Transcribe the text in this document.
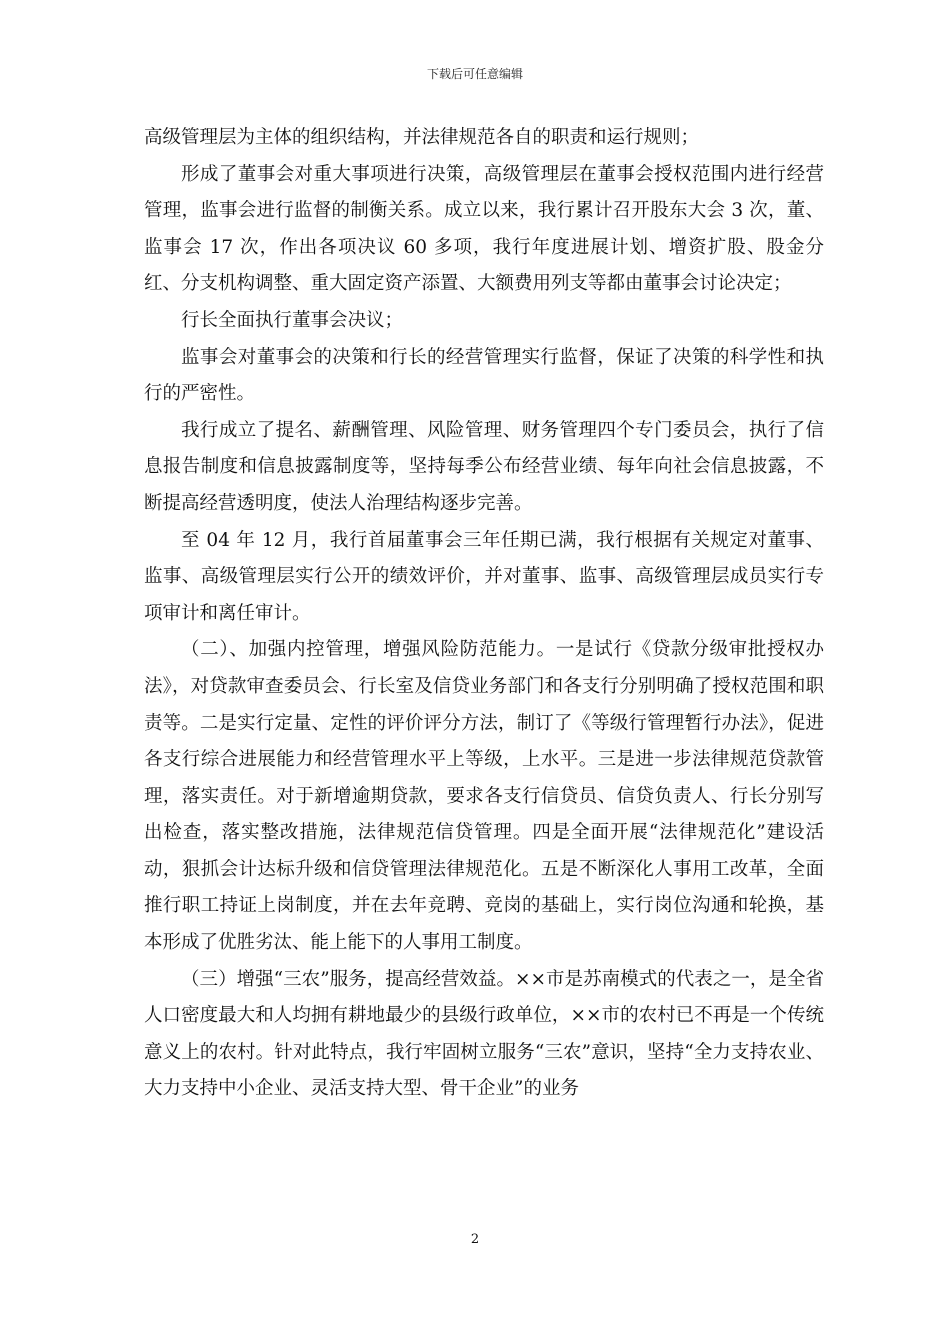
下载后可任意编辑

高级管理层为主体的组织结构，并法律规范各自的职责和运行规则；

形成了董事会对重大事项进行决策，高级管理层在董事会授权范围内进行经营管理，监事会进行监督的制衡关系。成立以来，我行累计召开股东大会 3 次，董、监事会 17 次，作出各项决议 60 多项，我行年度进展计划、增资扩股、股金分红、分支机构调整、重大固定资产添置、大额费用列支等都由董事会讨论决定；

行长全面执行董事会决议；

监事会对董事会的决策和行长的经营管理实行监督，保证了决策的科学性和执行的严密性。

我行成立了提名、薪酬管理、风险管理、财务管理四个专门委员会，执行了信息报告制度和信息披露制度等，坚持每季公布经营业绩、每年向社会信息披露，不断提高经营透明度，使法人治理结构逐步完善。

至 04 年 12 月，我行首届董事会三年任期已满，我行根据有关规定对董事、监事、高级管理层实行公开的绩效评价，并对董事、监事、高级管理层成员实行专项审计和离任审计。

（二）、加强内控管理，增强风险防范能力。一是试行《贷款分级审批授权办法》，对贷款审查委员会、行长室及信贷业务部门和各支行分别明确了授权范围和职责等。二是实行定量、定性的评价评分方法，制订了《等级行管理暂行办法》，促进各支行综合进展能力和经营管理水平上等级，上水平。三是进一步法律规范贷款管理，落实责任。对于新增逾期贷款，要求各支行信贷员、信贷负责人、行长分别写出检查，落实整改措施，法律规范信贷管理。四是全面开展“法律规范化”建设活动，狠抓会计达标升级和信贷管理法律规范化。五是不断深化人事用工改革，全面推行职工持证上岗制度，并在去年竞聘、竞岗的基础上，实行岗位沟通和轮换，基本形成了优胜劣汰、能上能下的人事用工制度。

（三）增强“三农”服务，提高经营效益。××市是苏南模式的代表之一，是全省人口密度最大和人均拥有耕地最少的县级行政单位，××市的农村已不再是一个传统意义上的农村。针对此特点，我行牢固树立服务“三农”意识，坚持“全力支持农业、大力支持中小企业、灵活支持大型、骨干企业”的业务

2
